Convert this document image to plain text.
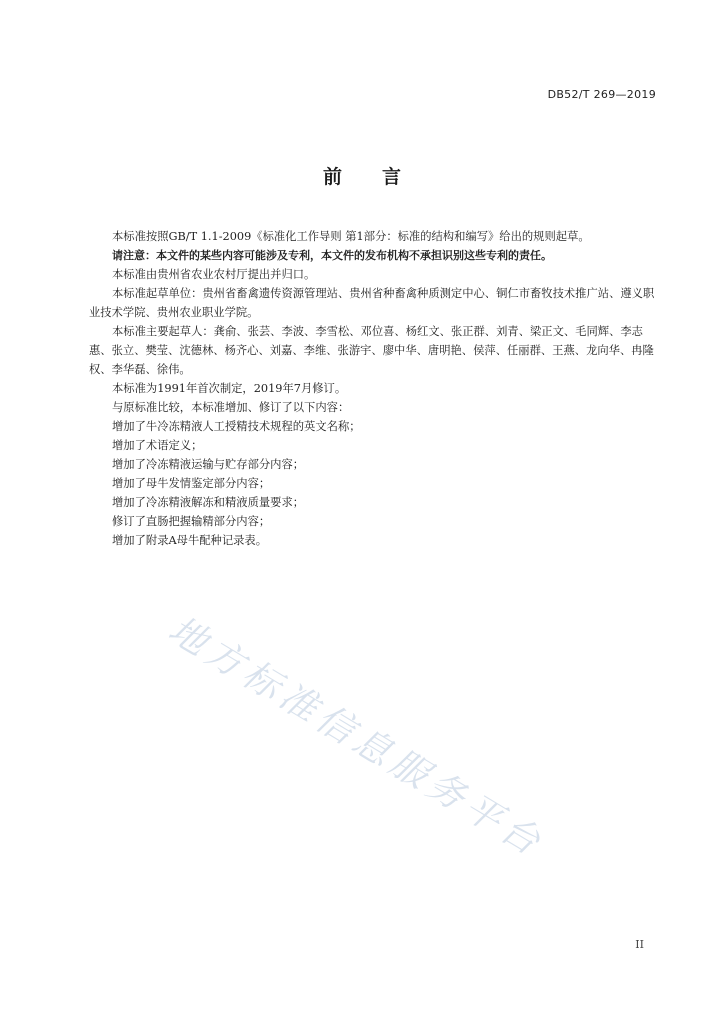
DB52/T 269—2019
前 言

本标准按照GB/T 1.1-2009《标准化工作导则 第1部分：标准的结构和编写》给出的规则起草。

请注意：本文件的某些内容可能涉及专利，本文件的发布机构不承担识别这些专利的责任。

本标准由贵州省农业农村厅提出并归口。

本标准起草单位：贵州省畜禽遗传资源管理站、贵州省种畜禽种质测定中心、铜仁市畜牧技术推广站、遵义职业技术学院、贵州农业职业学院。

本标准主要起草人：龚俞、张芸、李波、李雪松、邓位喜、杨红文、张正群、刘青、梁正文、毛同辉、李志惠、张立、樊莹、沈德林、杨齐心、刘嘉、李维、张游宇、廖中华、唐明艳、侯萍、任丽群、王燕、龙向华、冉隆权、李华磊、徐伟。

本标准为1991年首次制定，2019年7月修订。

与原标准比较，本标准增加、修订了以下内容：

增加了牛冷冻精液人工授精技术规程的英文名称；

增加了术语定义；

增加了冷冻精液运输与贮存部分内容；

增加了母牛发情鉴定部分内容；

增加了冷冻精液解冻和精液质量要求；

修订了直肠把握输精部分内容；

增加了附录A母牛配种记录表。

地方标准信息服务平台
II
